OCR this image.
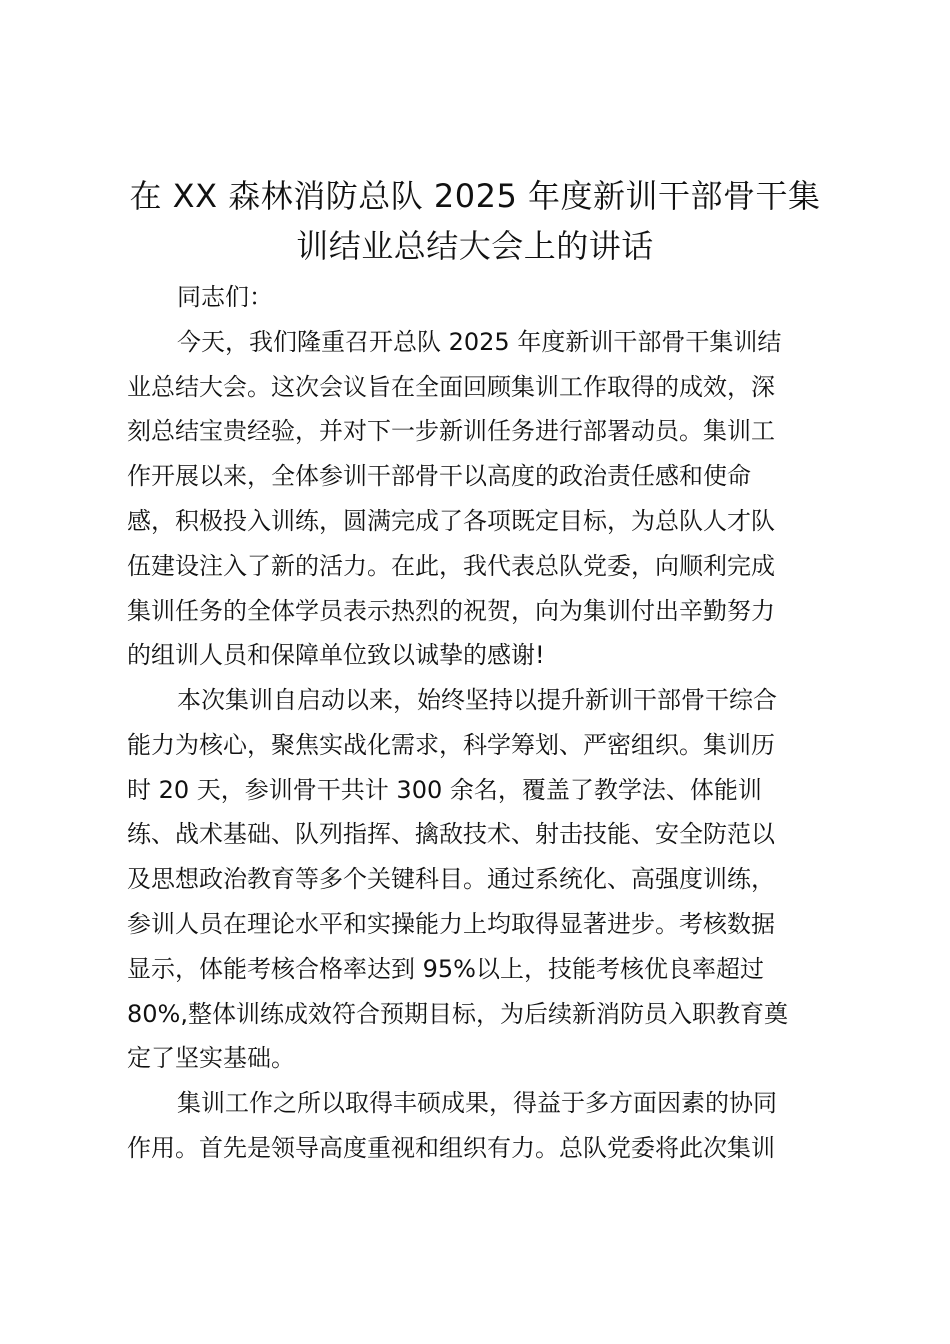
在 XX 森林消防总队 2025 年度新训干部骨干集
训结业总结大会上的讲话

同志们：

今天，我们隆重召开总队 2025 年度新训干部骨干集训结

业总结大会。这次会议旨在全面回顾集训工作取得的成效，深

刻总结宝贵经验，并对下一步新训任务进行部署动员。集训工

作开展以来，全体参训干部骨干以高度的政治责任感和使命

感，积极投入训练，圆满完成了各项既定目标，为总队人才队

伍建设注入了新的活力。在此，我代表总队党委，向顺利完成

集训任务的全体学员表示热烈的祝贺，向为集训付出辛勤努力

的组训人员和保障单位致以诚挚的感谢!

本次集训自启动以来，始终坚持以提升新训干部骨干综合

能力为核心，聚焦实战化需求，科学筹划、严密组织。集训历

时 20 天，参训骨干共计 300 余名，覆盖了教学法、体能训

练、战术基础、队列指挥、擒敌技术、射击技能、安全防范以

及思想政治教育等多个关键科目。通过系统化、高强度训练，

参训人员在理论水平和实操能力上均取得显著进步。考核数据

显示，体能考核合格率达到 95%以上，技能考核优良率超过

80%,整体训练成效符合预期目标，为后续新消防员入职教育奠

定了坚实基础。

集训工作之所以取得丰硕成果，得益于多方面因素的协同

作用。首先是领导高度重视和组织有力。总队党委将此次集训
